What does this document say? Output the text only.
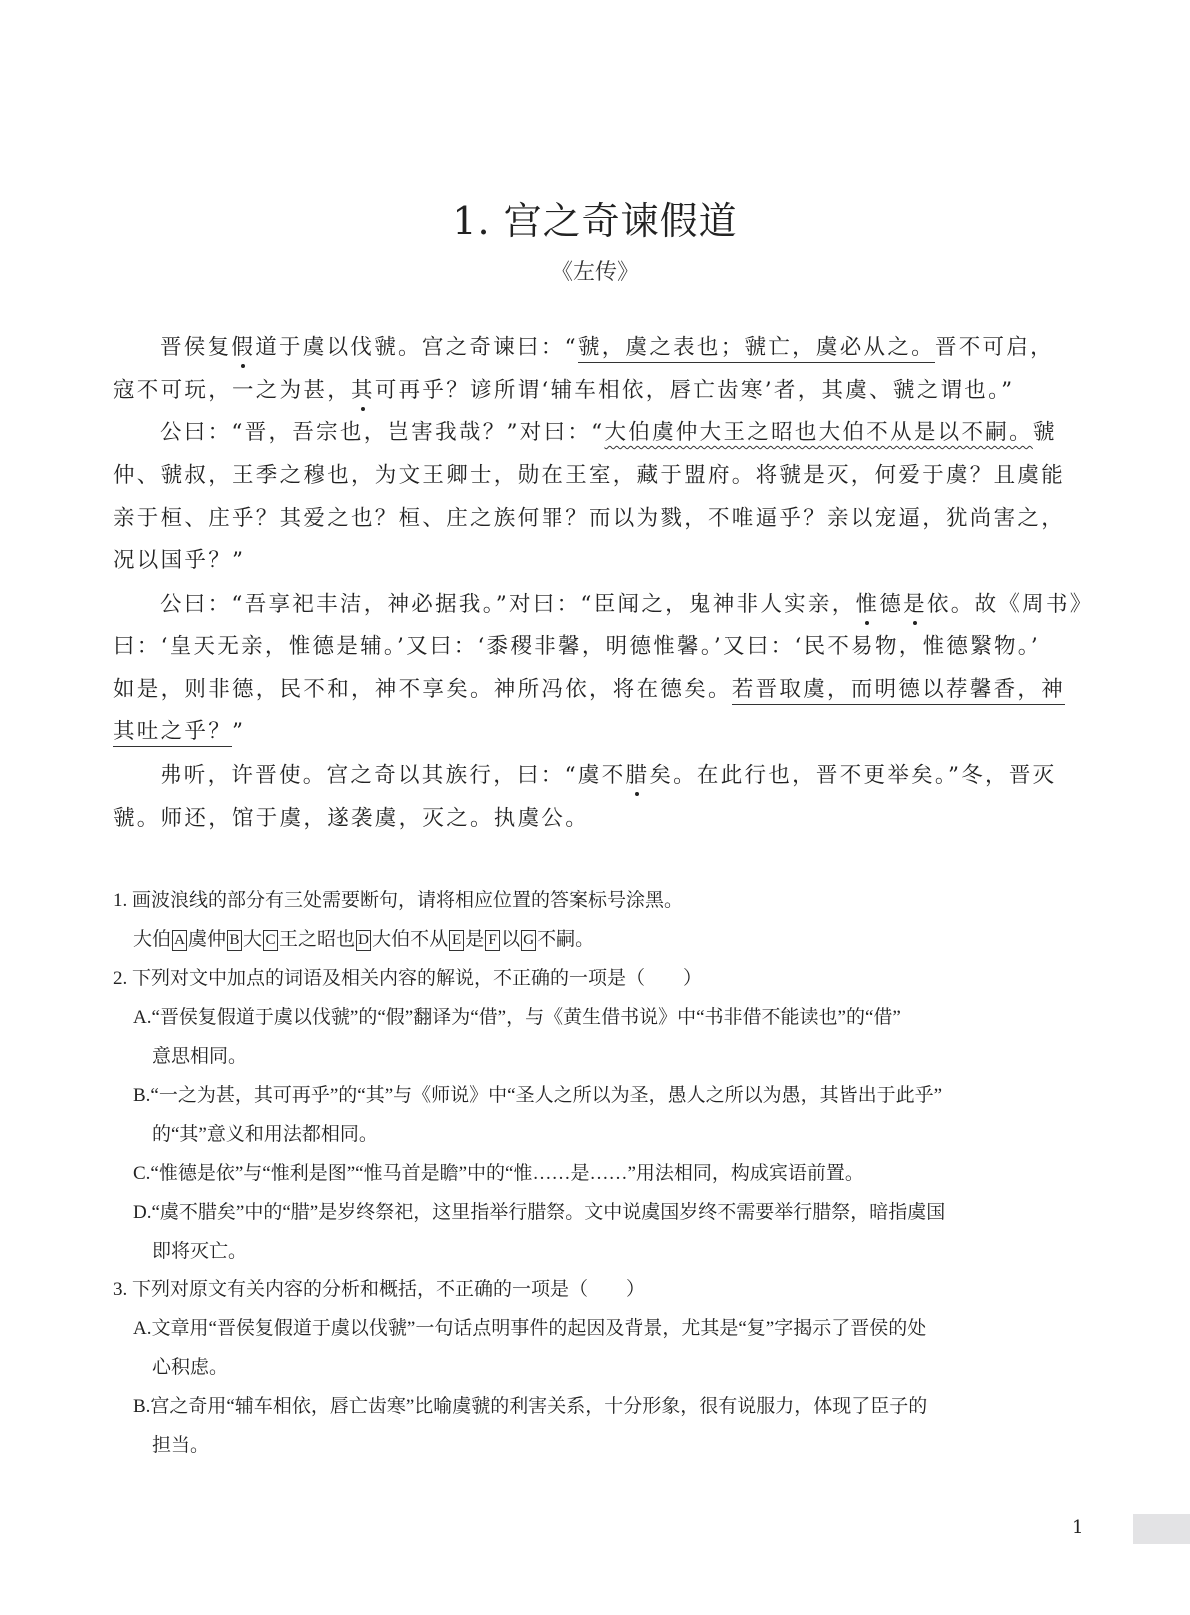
1. 宫之奇谏假道
《左传》
晋侯复假道于虞以伐虢。宫之奇谏曰：“虢，虞之表也；虢亡，虞必从之。晋不可启，
寇不可玩，一之为甚，其可再乎？谚所谓‘辅车相依，唇亡齿寒’者，其虞、虢之谓也。”
公曰：“晋，吾宗也，岂害我哉？”对曰：“大伯虞仲大王之昭也大伯不从是以不嗣。虢
仲、虢叔，王季之穆也，为文王卿士，勋在王室，藏于盟府。将虢是灭，何爱于虞？且虞能
亲于桓、庄乎？其爱之也？桓、庄之族何罪？而以为戮，不唯逼乎？亲以宠逼，犹尚害之，
况以国乎？”
公曰：“吾享祀丰洁，神必据我。”对曰：“臣闻之，鬼神非人实亲，惟德是依。故《周书》
曰：‘皇天无亲，惟德是辅。’又曰：‘黍稷非馨，明德惟馨。’又曰：‘民不易物，惟德繄物。’
如是，则非德，民不和，神不享矣。神所冯依，将在德矣。若晋取虞，而明德以荐馨香，神
其吐之乎？”
弗听，许晋使。宫之奇以其族行，曰：“虞不腊矣。在此行也，晋不更举矣。”冬，晋灭
虢。师还，馆于虞，遂袭虞，灭之。执虞公。
1. 画波浪线的部分有三处需要断句，请将相应位置的答案标号涂黑。
大伯 A 虞仲 B 大 C 王之昭也 D 大伯不从 E 是 F 以 G 不嗣。
2. 下列对文中加点的词语及相关内容的解说，不正确的一项是（　　）
A.“晋侯复假道于虞以伐虢”的“假”翻译为“借”，与《黄生借书说》中“书非借不能读也”的“借”
意思相同。
B.“一之为甚，其可再乎”的“其”与《师说》中“圣人之所以为圣，愚人之所以为愚，其皆出于此乎”
的“其”意义和用法都相同。
C.“惟德是依”与“惟利是图”“惟马首是瞻”中的“惟……是……”用法相同，构成宾语前置。
D.“虞不腊矣”中的“腊”是岁终祭祀，这里指举行腊祭。文中说虞国岁终不需要举行腊祭，暗指虞国
即将灭亡。
3. 下列对原文有关内容的分析和概括，不正确的一项是（　　）
A.文章用“晋侯复假道于虞以伐虢”一句话点明事件的起因及背景，尤其是“复”字揭示了晋侯的处
心积虑。
B.宫之奇用“辅车相依，唇亡齿寒”比喻虞虢的利害关系，十分形象，很有说服力，体现了臣子的
担当。
1
